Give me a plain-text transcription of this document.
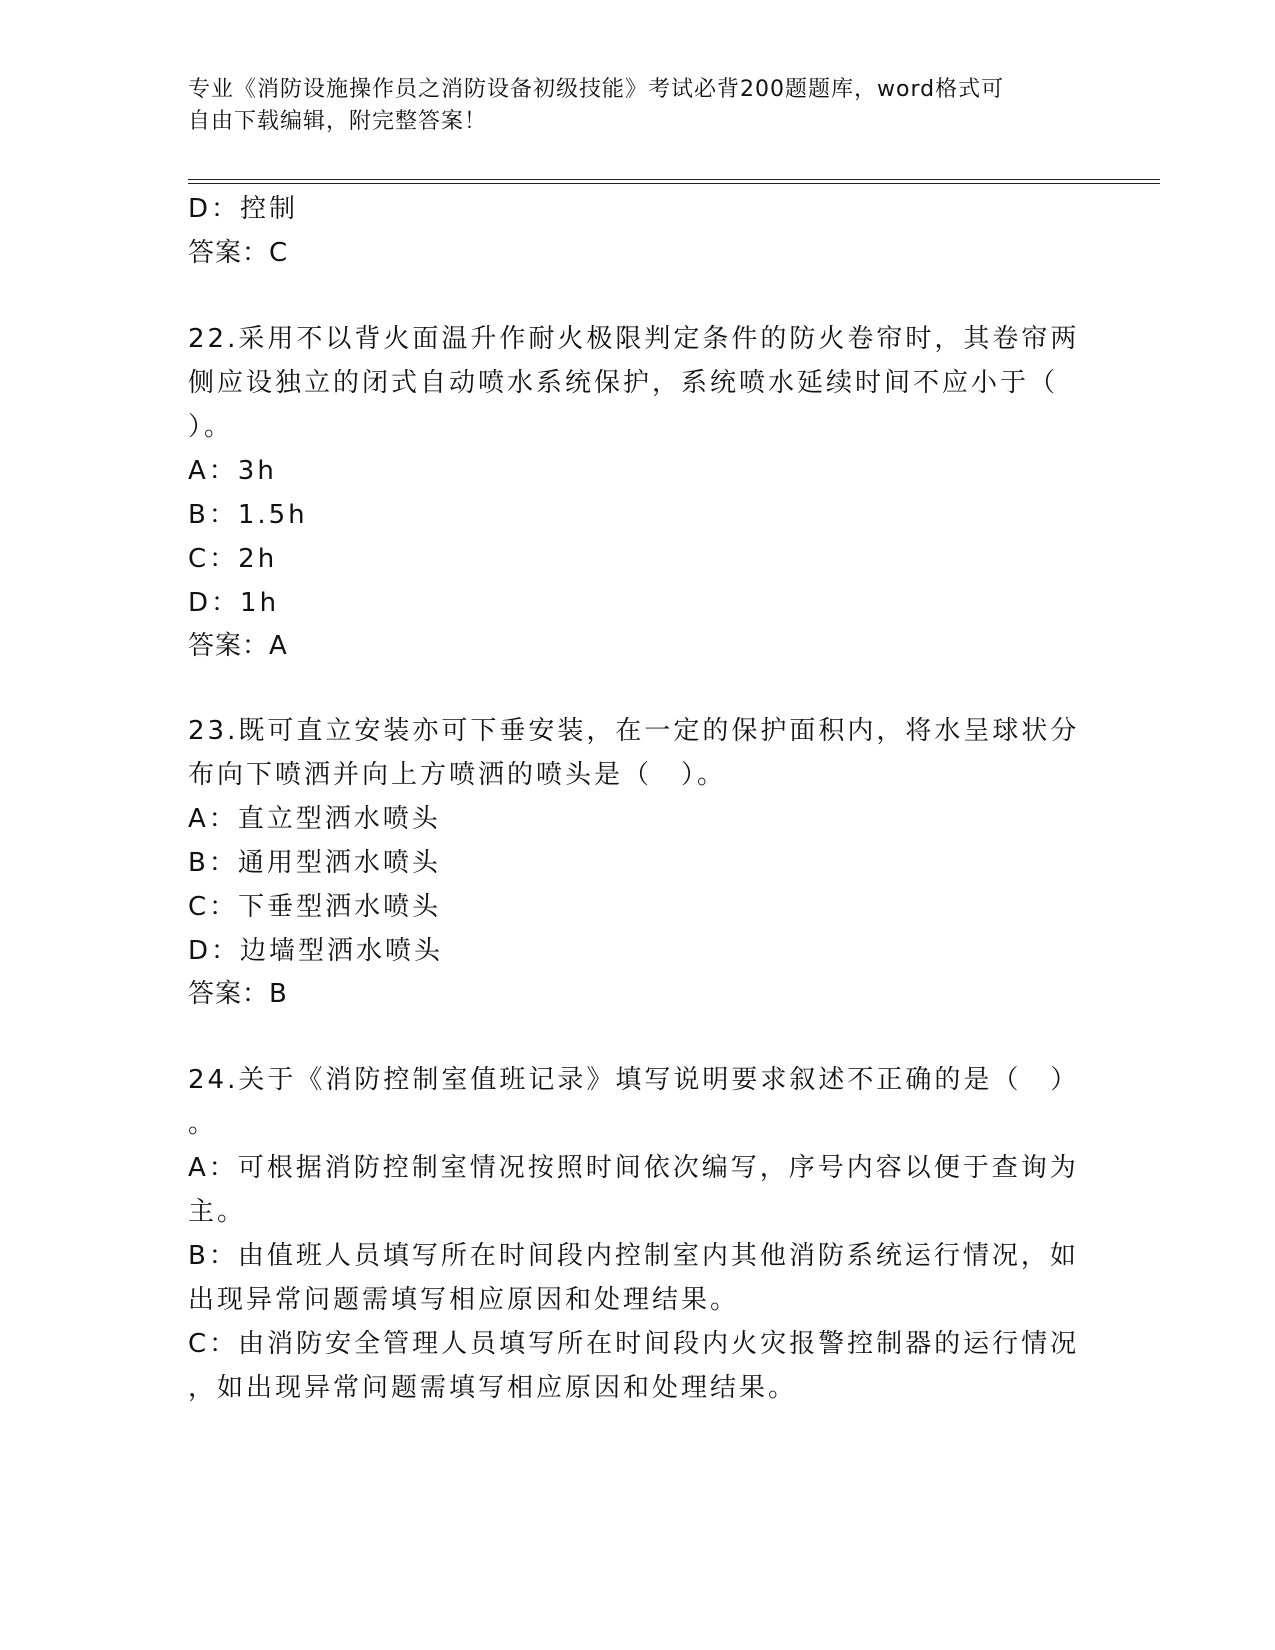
专业《消防设施操作员之消防设备初级技能》考试必背200题题库，word格式可
自由下载编辑，附完整答案！
D：控制
答案：C
22.采用不以背火面温升作耐火极限判定条件的防火卷帘时，其卷帘两
侧应设独立的闭式自动喷水系统保护，系统喷水延续时间不应小于（
）。
A：3h
B：1.5h
C：2h
D：1h
答案：A
23.既可直立安装亦可下垂安装，在一定的保护面积内，将水呈球状分
布向下喷洒并向上方喷洒的喷头是（　）。
A：直立型洒水喷头
B：通用型洒水喷头
C：下垂型洒水喷头
D：边墙型洒水喷头
答案：B
24.关于《消防控制室值班记录》填写说明要求叙述不正确的是（　）
。
A：可根据消防控制室情况按照时间依次编写，序号内容以便于查询为
主。
B：由值班人员填写所在时间段内控制室内其他消防系统运行情况，如
出现异常问题需填写相应原因和处理结果。
C：由消防安全管理人员填写所在时间段内火灾报警控制器的运行情况
，如出现异常问题需填写相应原因和处理结果。
